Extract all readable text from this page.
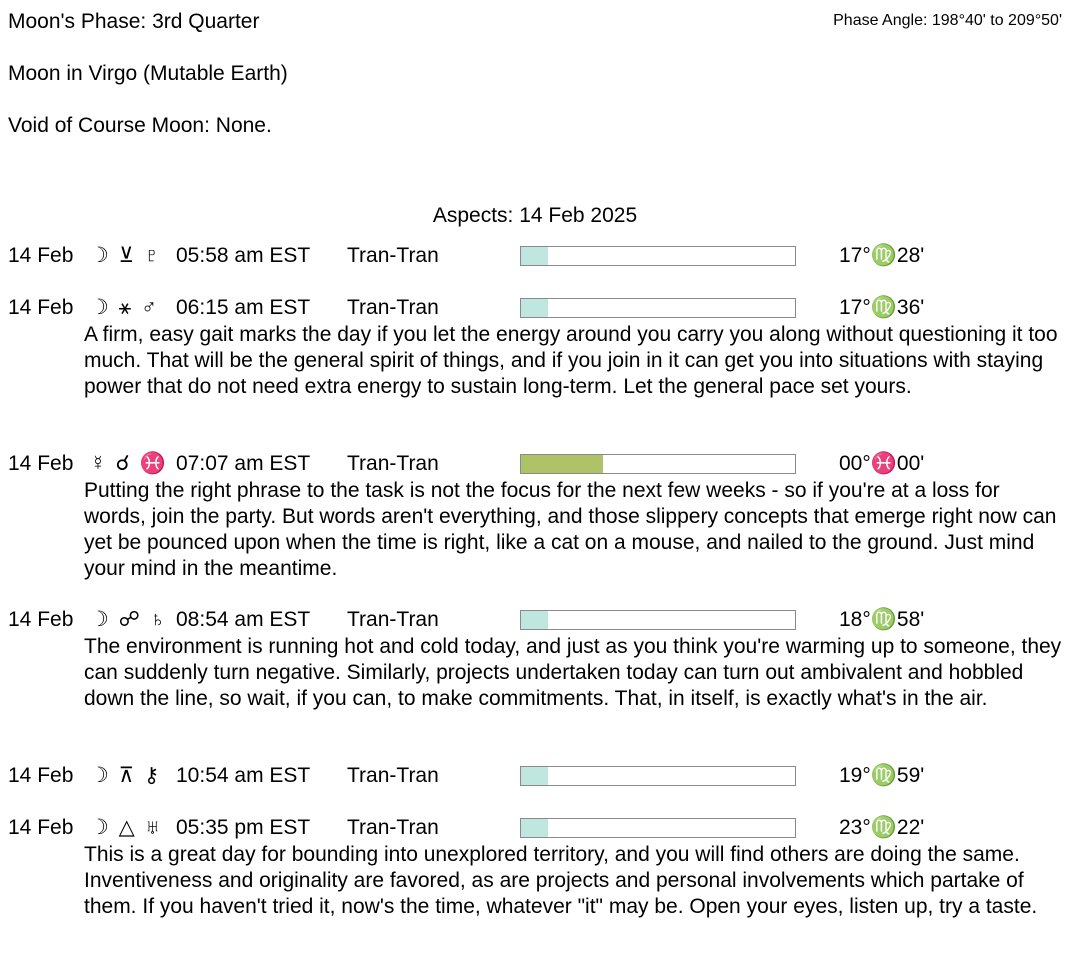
Moon's Phase: 3rd Quarter	Phase Angle: 198°40' to 209°50'
Moon in Virgo (Mutable Earth)
Void of Course Moon: None.
Aspects: 14 Feb 2025
14 Feb ☽ ⊻ ♇ 05:58 am EST Tran-Tran	17°♍28'
14 Feb ☽ ⚹ ♂ 06:15 am EST Tran-Tran	17°♍36'
A firm, easy gait marks the day if you let the energy around you carry you along without questioning it too much. That will be the general spirit of things, and if you join in it can get you into situations with staying power that do not need extra energy to sustain long-term. Let the general pace set yours.
14 Feb ☿ ☌ ♓ 07:07 am EST Tran-Tran	00°♓00'
Putting the right phrase to the task is not the focus for the next few weeks - so if you're at a loss for words, join the party. But words aren't everything, and those slippery concepts that emerge right now can yet be pounced upon when the time is right, like a cat on a mouse, and nailed to the ground. Just mind your mind in the meantime.
14 Feb ☽ ☍ ♄ 08:54 am EST Tran-Tran	18°♍58'
The environment is running hot and cold today, and just as you think you're warming up to someone, they can suddenly turn negative. Similarly, projects undertaken today can turn out ambivalent and hobbled down the line, so wait, if you can, to make commitments. That, in itself, is exactly what's in the air.
14 Feb ☽ ⊼ ⚷ 10:54 am EST Tran-Tran	19°♍59'
14 Feb ☽ △ ♅ 05:35 pm EST Tran-Tran	23°♍22'
This is a great day for bounding into unexplored territory, and you will find others are doing the same. Inventiveness and originality are favored, as are projects and personal involvements which partake of them. If you haven't tried it, now's the time, whatever "it" may be. Open your eyes, listen up, try a taste.
